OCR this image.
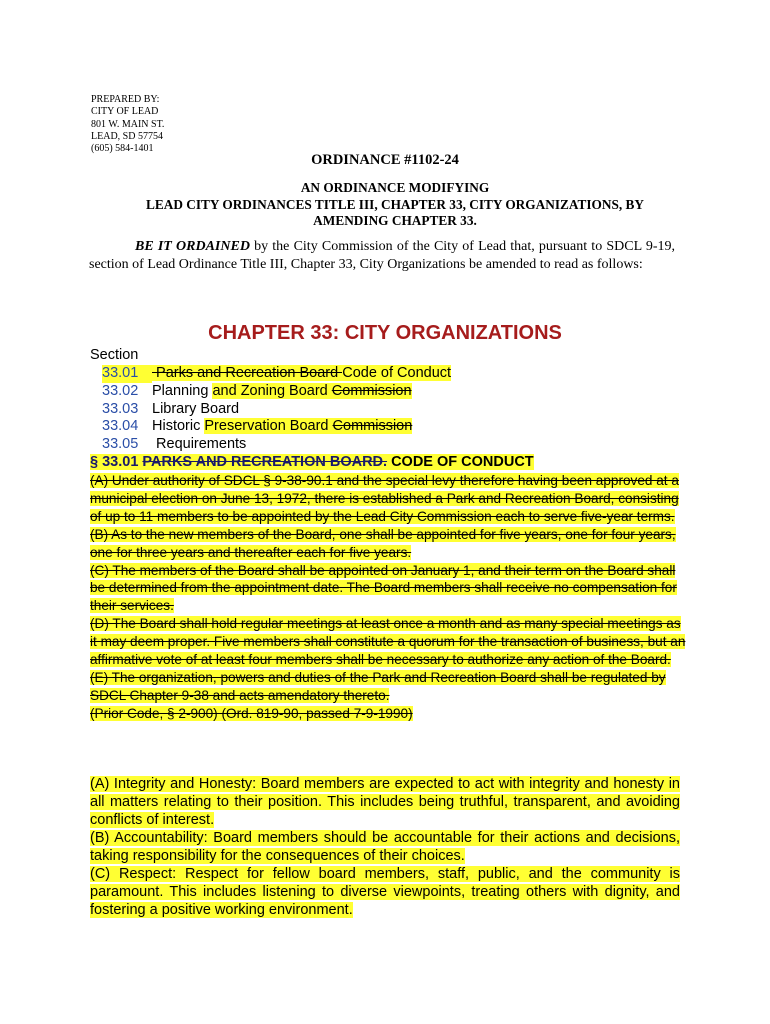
PREPARED BY:
CITY OF LEAD
801 W. MAIN ST.
LEAD, SD 57754
(605) 584-1401
ORDINANCE #1102-24
AN ORDINANCE MODIFYING
LEAD CITY ORDINANCES TITLE III, CHAPTER 33, CITY ORGANIZATIONS, BY
AMENDING CHAPTER 33.
BE IT ORDAINED by the City Commission of the City of Lead that, pursuant to SDCL 9-19, section of Lead Ordinance Title III, Chapter 33, City Organizations be amended to read as follows:
CHAPTER 33: CITY ORGANIZATIONS
Section
33.01 Parks and Recreation Board Code of Conduct
33.02 Planning and Zoning Board Commission
33.03 Library Board
33.04 Historic Preservation Board Commission
33.05 Requirements
§ 33.01 PARKS AND RECREATION BOARD. CODE OF CONDUCT

(A) Under authority of SDCL § 9-38-90.1 and the special levy therefore having been approved at a municipal election on June 13, 1972, there is established a Park and Recreation Board, consisting of up to 11 members to be appointed by the Lead City Commission each to serve five-year terms.

(B) As to the new members of the Board, one shall be appointed for five years, one for four years, one for three years and thereafter each for five years.

(C) The members of the Board shall be appointed on January 1, and their term on the Board shall be determined from the appointment date. The Board members shall receive no compensation for their services.

(D) The Board shall hold regular meetings at least once a month and as many special meetings as it may deem proper. Five members shall constitute a quorum for the transaction of business, but an affirmative vote of at least four members shall be necessary to authorize any action of the Board.

(E) The organization, powers and duties of the Park and Recreation Board shall be regulated by SDCL Chapter 9-38 and acts amendatory thereto.

(Prior Code, § 2-900) (Ord. 819-90, passed 7-9-1990)

(A) Integrity and Honesty: Board members are expected to act with integrity and honesty in all matters relating to their position. This includes being truthful, transparent, and avoiding conflicts of interest.

(B) Accountability: Board members should be accountable for their actions and decisions, taking responsibility for the consequences of their choices.

(C) Respect: Respect for fellow board members, staff, public, and the community is paramount. This includes listening to diverse viewpoints, treating others with dignity, and fostering a positive working environment.
